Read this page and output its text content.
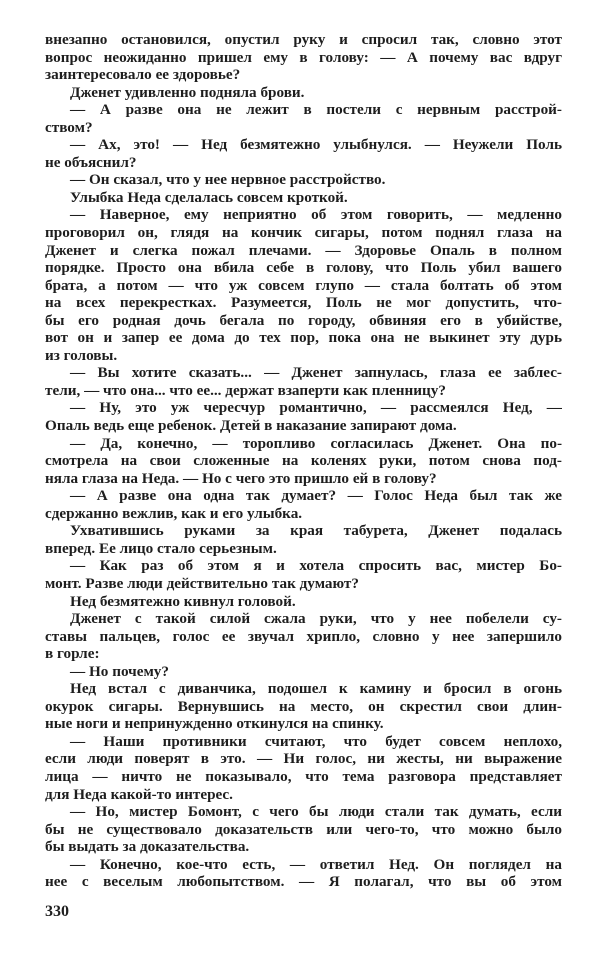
внезапно остановился, опустил руку и спросил так, словно этот
вопрос неожиданно пришел ему в голову: — А почему вас вдруг
заинтересовало ее здоровье?
Дженет удивленно подняла брови.
— А разве она не лежит в постели с нервным расстрой-
ством?
— Ах, это! — Нед безмятежно улыбнулся. — Неужели Поль
не объяснил?
— Он сказал, что у нее нервное расстройство.
Улыбка Неда сделалась совсем кроткой.
— Наверное, ему неприятно об этом говорить, — медленно
проговорил он, глядя на кончик сигары, потом поднял глаза на
Дженет и слегка пожал плечами. — Здоровье Опаль в полном
порядке. Просто она вбила себе в голову, что Поль убил вашего
брата, а потом — что уж совсем глупо — стала болтать об этом
на всех перекрестках. Разумеется, Поль не мог допустить, что-
бы его родная дочь бегала по городу, обвиняя его в убийстве,
вот он и запер ее дома до тех пор, пока она не выкинет эту дурь
из головы.
— Вы хотите сказать... — Дженет запнулась, глаза ее заблес-
тели, — что она... что ее... держат взаперти как пленницу?
— Ну, это уж чересчур романтично, — рассмеялся Нед, —
Опаль ведь еще ребенок. Детей в наказание запирают дома.
— Да, конечно, — торопливо согласилась Дженет. Она по-
смотрела на свои сложенные на коленях руки, потом снова под-
няла глаза на Неда. — Но с чего это пришло ей в голову?
— А разве она одна так думает? — Голос Неда был так же
сдержанно вежлив, как и его улыбка.
Ухватившись руками за края табурета, Дженет подалась
вперед. Ее лицо стало серьезным.
— Как раз об этом я и хотела спросить вас, мистер Бо-
монт. Разве люди действительно так думают?
Нед безмятежно кивнул головой.
Дженет с такой силой сжала руки, что у нее побелели су-
ставы пальцев, голос ее звучал хрипло, словно у нее запершило
в горле:
— Но почему?
Нед встал с диванчика, подошел к камину и бросил в огонь
окурок сигары. Вернувшись на место, он скрестил свои длин-
ные ноги и непринужденно откинулся на спинку.
— Наши противники считают, что будет совсем неплохо,
если люди поверят в это. — Ни голос, ни жесты, ни выражение
лица — ничто не показывало, что тема разговора представляет
для Неда какой-то интерес.
— Но, мистер Бомонт, с чего бы люди стали так думать, если
бы не существовало доказательств или чего-то, что можно было
бы выдать за доказательства.
— Конечно, кое-что есть, — ответил Нед. Он поглядел на
нее с веселым любопытством. — Я полагал, что вы об этом
330
